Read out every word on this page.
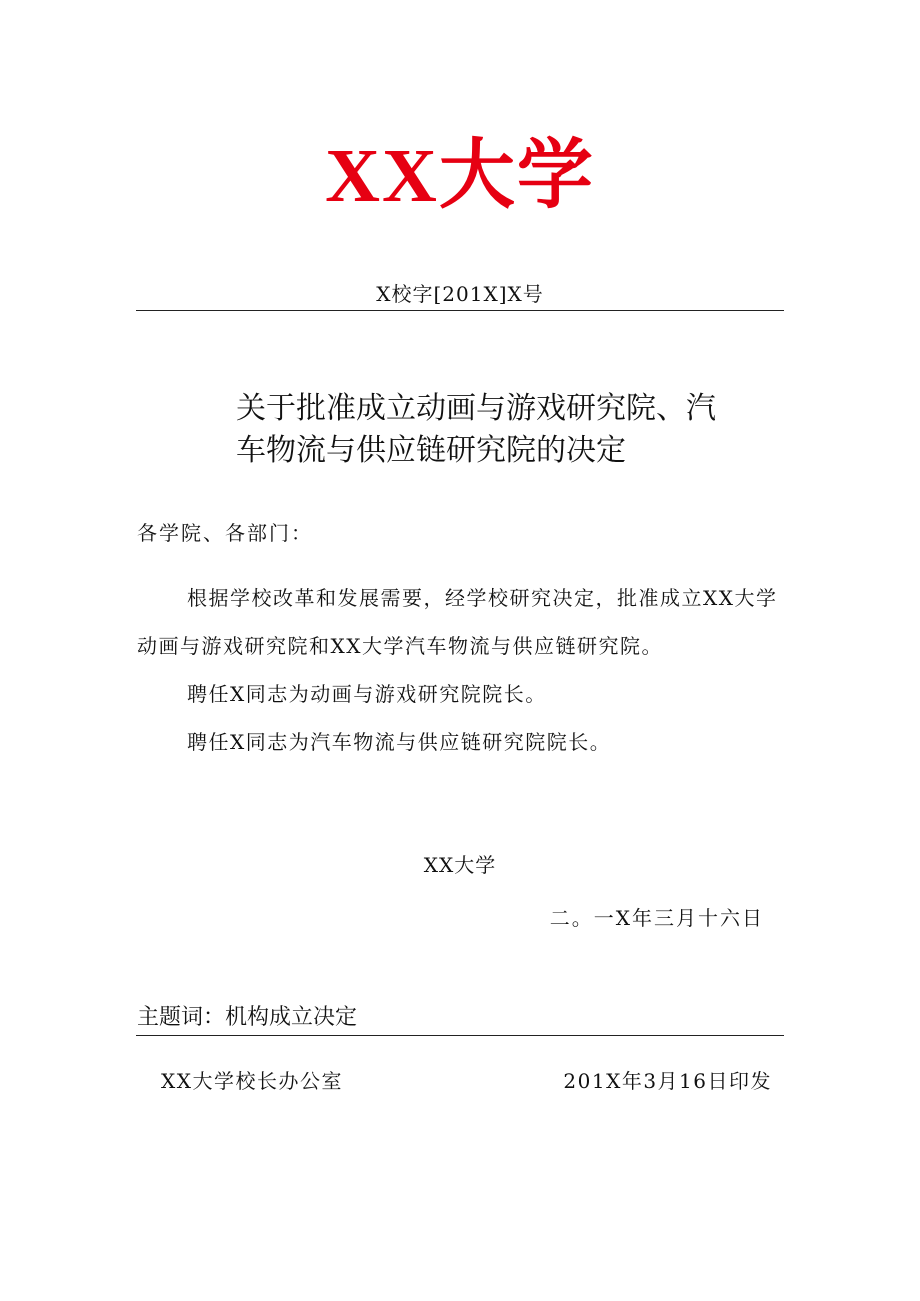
XX大学
X校字[201X]X号
关于批准成立动画与游戏研究院、汽
车物流与供应链研究院的决定
各学院、各部门：

根据学校改革和发展需要，经学校研究决定，批准成立XX大学动画与游戏研究院和XX大学汽车物流与供应链研究院。

聘任X同志为动画与游戏研究院院长。

聘任X同志为汽车物流与供应链研究院院长。

XX大学
二。一X年三月十六日
主题词：机构成立决定
XX大学校长办公室	201X年3月16日印发
